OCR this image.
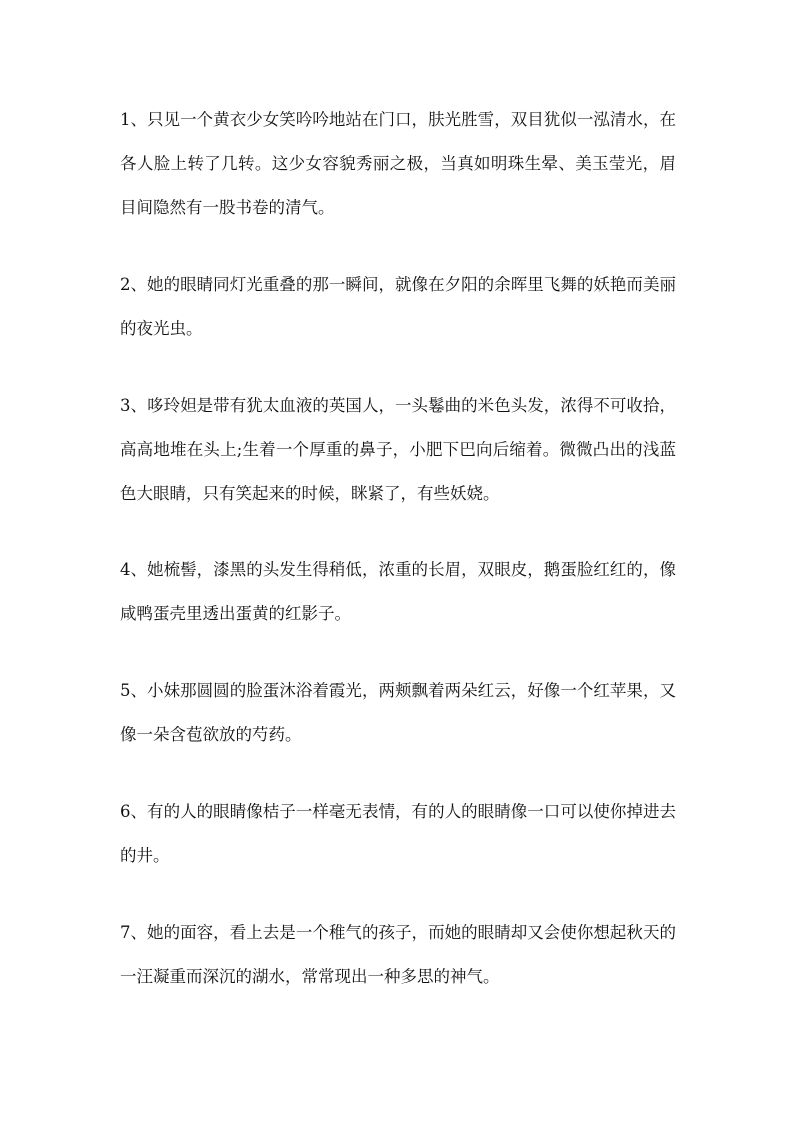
1、只见一个黄衣少女笑吟吟地站在门口，肤光胜雪，双目犹似一泓清水，在各人脸上转了几转。这少女容貌秀丽之极，当真如明珠生晕、美玉莹光，眉目间隐然有一股书卷的清气。

2、她的眼睛同灯光重叠的那一瞬间，就像在夕阳的余晖里飞舞的妖艳而美丽的夜光虫。

3、哆玲妲是带有犹太血液的英国人，一头鬈曲的米色头发，浓得不可收拾，高高地堆在头上;生着一个厚重的鼻子，小肥下巴向后缩着。微微凸出的浅蓝色大眼睛，只有笑起来的时候，眯紧了，有些妖娆。

4、她梳髻，漆黑的头发生得稍低，浓重的长眉，双眼皮，鹅蛋脸红红的，像咸鸭蛋壳里透出蛋黄的红影子。

5、小妹那圆圆的脸蛋沐浴着霞光，两颊飘着两朵红云，好像一个红苹果，又像一朵含苞欲放的芍药。

6、有的人的眼睛像桔子一样毫无表情，有的人的眼睛像一口可以使你掉进去的井。

7、她的面容，看上去是一个稚气的孩子，而她的眼睛却又会使你想起秋天的一汪凝重而深沉的湖水，常常现出一种多思的神气。
